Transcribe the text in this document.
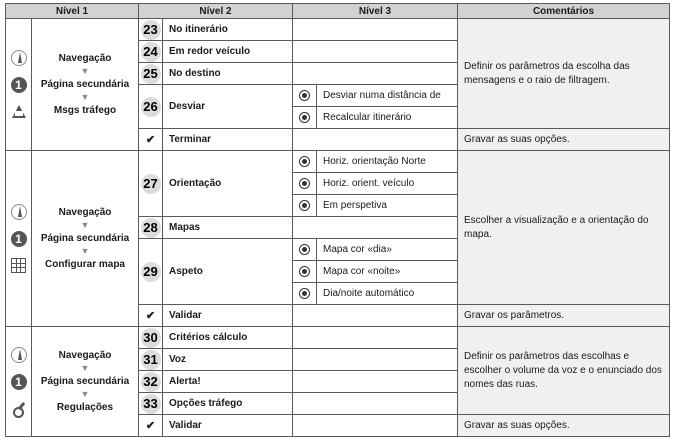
Nível 1		Nível 2		Nível 3		Comentários

1	Navegação
▼
Página secundária
▼
Msgs tráfego	23	No itinerário			Definir os parâmetros da escolha das mensagens e o raio de filtragem.
		24	Em redor veículo			
		25	No destino			
		26	Desviar		Desviar numa distância de	
					Recalcular itinerário	
		✔	Terminar			Gravar as suas opções.

1	Navegação
▼
Página secundária
▼
Configurar mapa	27	Orientação		Horiz. orientação Norte	Escolher a visualização e a orientação do mapa.
					Horiz. orient. veículo	
					Em perspetiva	
		28	Mapas			
		29	Aspeto		Mapa cor «dia»	
					Mapa cor «noite»	
					Dia/noite automático	
		✔	Validar			Gravar os parâmetros.

1	Navegação
▼
Página secundária
▼
Regulações	30	Critérios cálculo			Definir os parâmetros das escolhas e escolher o volume da voz e o enunciado dos nomes das ruas.
		31	Voz			
		32	Alerta!			
		33	Opções tráfego			
		✔	Validar			Gravar as suas opções.
